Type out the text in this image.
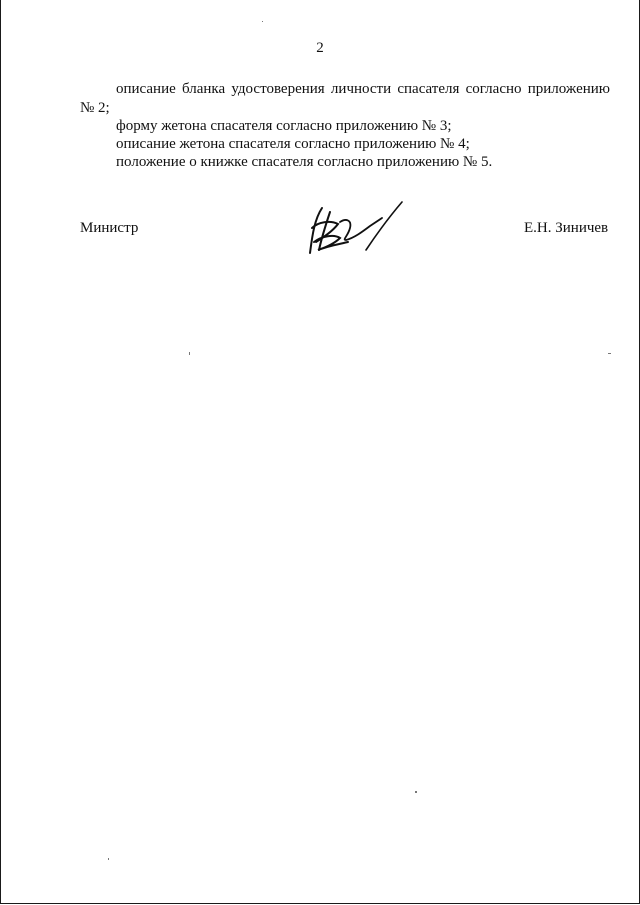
2
описание бланка удостоверения личности спасателя согласно приложению
№ 2;
форму жетона спасателя согласно приложению № 3;
описание жетона спасателя согласно приложению № 4;
положение о книжке спасателя согласно приложению № 5.
Министр	Е.Н. Зиничев
